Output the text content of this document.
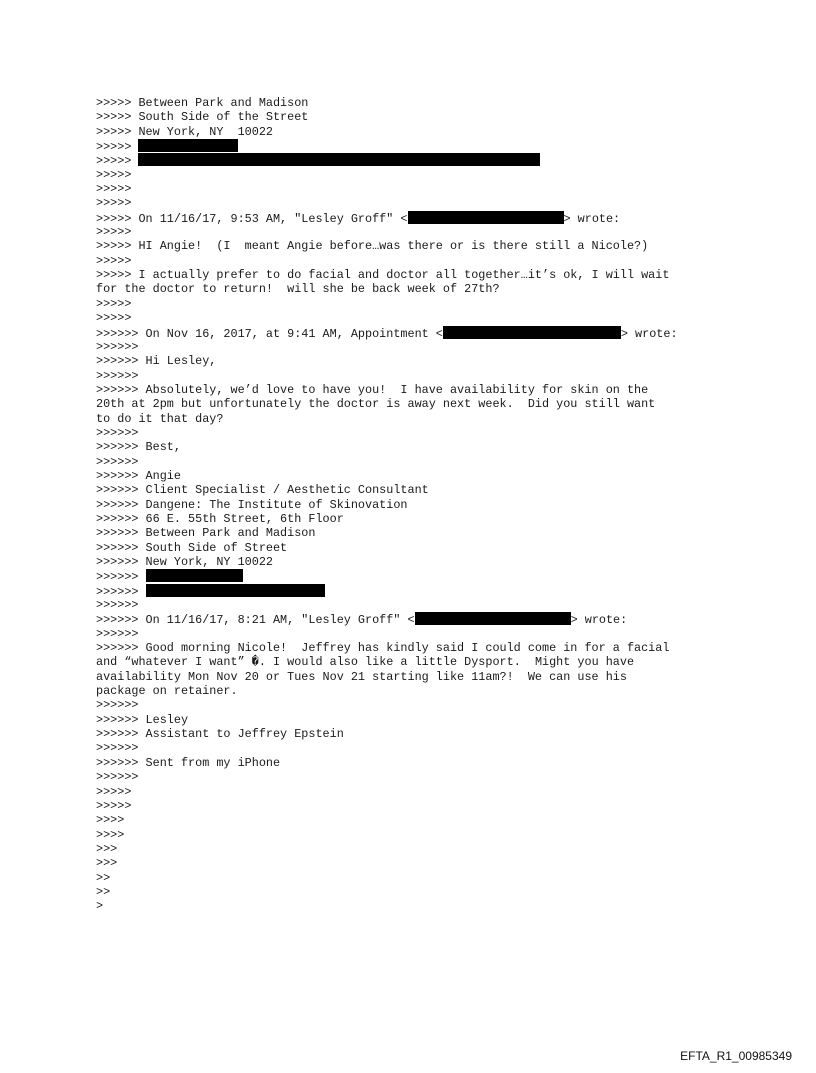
>>>>> Between Park and Madison
>>>>> South Side of the Street
>>>>> New York, NY  10022
>>>>>
>>>>>
>>>>>
>>>>>
>>>>>
>>>>> On 11/16/17, 9:53 AM, "Lesley Groff" <	> wrote:
>>>>>
>>>>> HI Angie!  (I  meant Angie before…was there or is there still a Nicole?)
>>>>>
>>>>> I actually prefer to do facial and doctor all together…it’s ok, I will wait
for the doctor to return!  will she be back week of 27th?
>>>>>
>>>>>
>>>>>> On Nov 16, 2017, at 9:41 AM, Appointment <	> wrote:
>>>>>>
>>>>>> Hi Lesley,
>>>>>>
>>>>>> Absolutely, we’d love to have you!  I have availability for skin on the
20th at 2pm but unfortunately the doctor is away next week.  Did you still want
to do it that day?
>>>>>>
>>>>>> Best,
>>>>>>
>>>>>> Angie
>>>>>> Client Specialist / Aesthetic Consultant
>>>>>> Dangene: The Institute of Skinovation
>>>>>> 66 E. 55th Street, 6th Floor
>>>>>> Between Park and Madison
>>>>>> South Side of Street
>>>>>> New York, NY 10022
>>>>>>
>>>>>>
>>>>>>
>>>>>> On 11/16/17, 8:21 AM, "Lesley Groff" <	> wrote:
>>>>>>
>>>>>> Good morning Nicole!  Jeffrey has kindly said I could come in for a facial
and “whatever I want” �. I would also like a little Dysport.  Might you have
availability Mon Nov 20 or Tues Nov 21 starting like 11am?!  We can use his
package on retainer.
>>>>>>
>>>>>> Lesley
>>>>>> Assistant to Jeffrey Epstein
>>>>>>
>>>>>> Sent from my iPhone
>>>>>>
>>>>>
>>>>>
>>>>
>>>>
>>>
>>>
>>
>>
>
EFTA_R1_00985349
